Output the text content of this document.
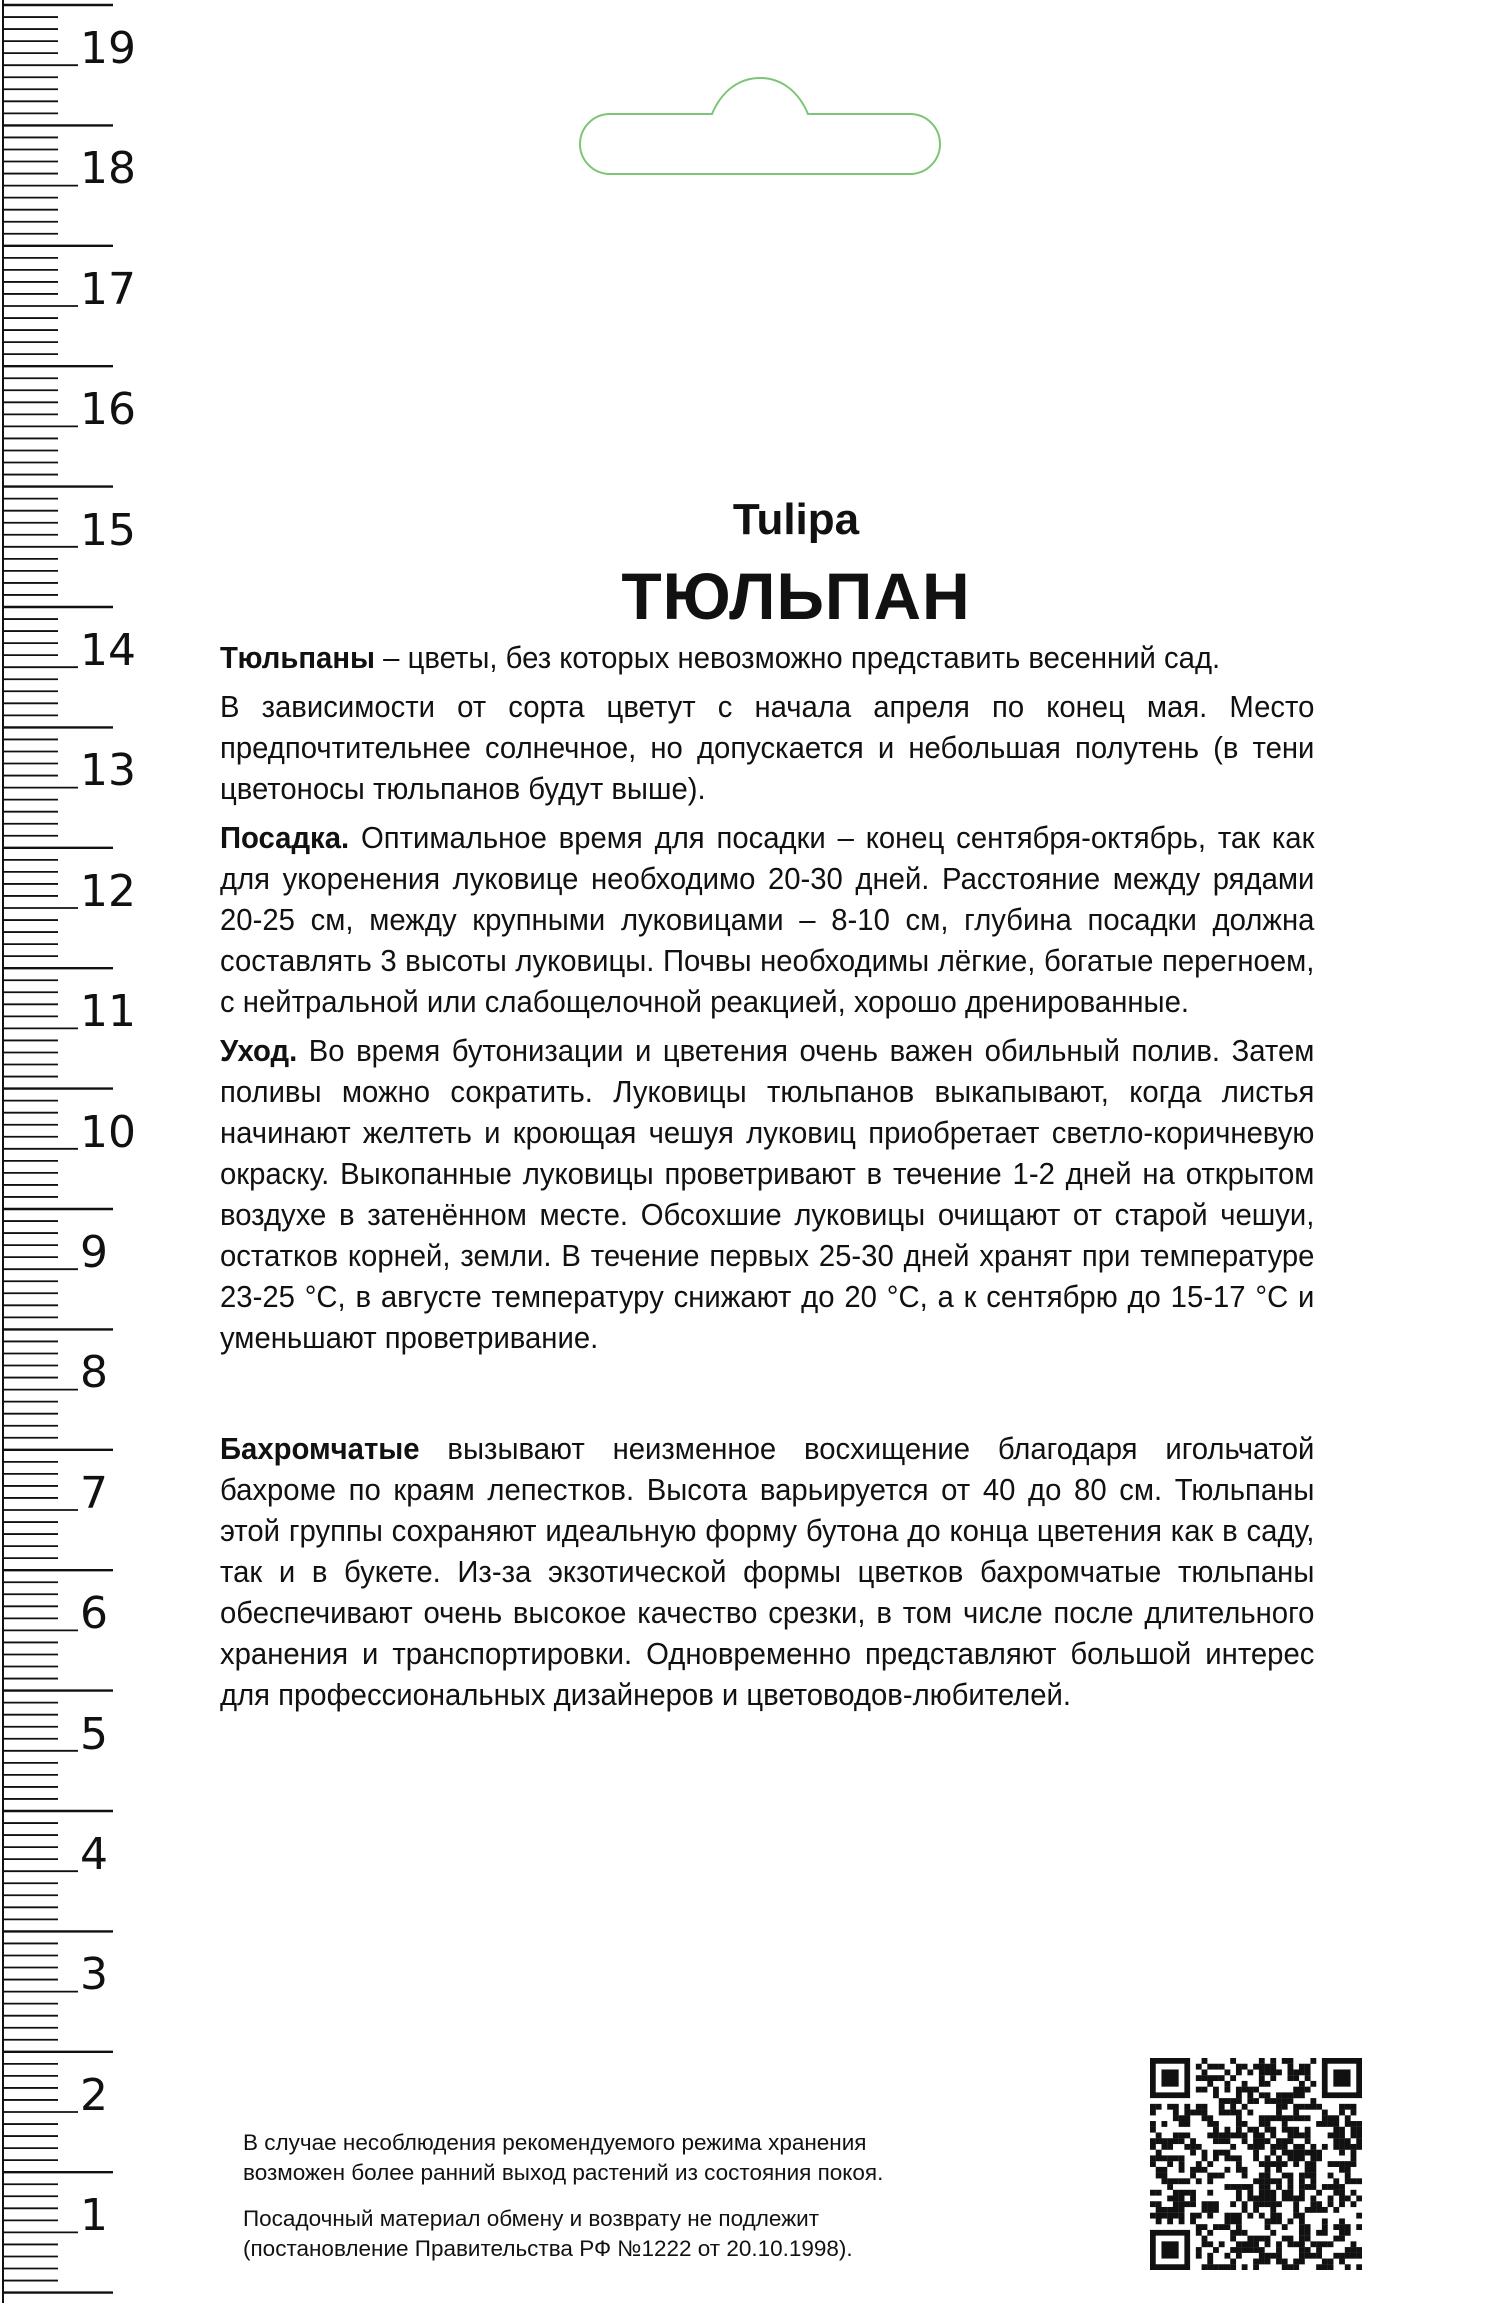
19
18
17
16
15
14
13
12
11
10
9
8
7
6
5
4
3
2
1
Tulipa
ТЮЛЬПАН

Тюльпаны – цветы, без которых невозможно представить весенний сад.

В зависимости от сорта цветут с начала апреля по конец мая. Место предпочтительнее солнечное, но допускается и небольшая полутень (в тени цветоносы тюльпанов будут выше).

Посадка. Оптимальное время для посадки – конец сентября-октябрь, так как для укоренения луковице необходимо 20-30 дней. Расстояние между рядами 20-25 см, между крупными луковицами – 8-10 см, глубина посадки должна составлять 3 высоты луковицы. Почвы необходимы лёгкие, богатые перегноем, с нейтральной или слабощелочной реакцией, хорошо дренированные.

Уход. Во время бутонизации и цветения очень важен обильный полив. Затем поливы можно сократить. Луковицы тюльпанов выкапывают, когда листья начинают желтеть и кроющая чешуя луковиц приобретает светло-коричневую окраску. Выкопанные луковицы проветривают в течение 1-2 дней на открытом воздухе в затенённом месте. Обсохшие луковицы очищают от старой чешуи, остатков корней, земли. В течение первых 25-30 дней хранят при температуре 23-25 °С, в августе температуру снижают до 20 °С, а к сентябрю до 15-17 °С и уменьшают проветривание.

Бахромчатые вызывают неизменное восхищение благодаря игольчатой бахроме по краям лепестков. Высота варьируется от 40 до 80 см. Тюльпаны этой группы сохраняют идеальную форму бутона до конца цветения как в саду, так и в букете. Из-за экзотической формы цветков бахромчатые тюльпаны обеспечивают очень высокое качество срезки, в том числе после длительного хранения и транспортировки. Одновременно представляют большой интерес для профессиональных дизайнеров и цветоводов-любителей.

В случае несоблюдения рекомендуемого режима хранения
возможен более ранний выход растений из состояния покоя.

Посадочный материал обмену и возврату не подлежит
(постановление Правительства РФ №1222 от 20.10.1998).
